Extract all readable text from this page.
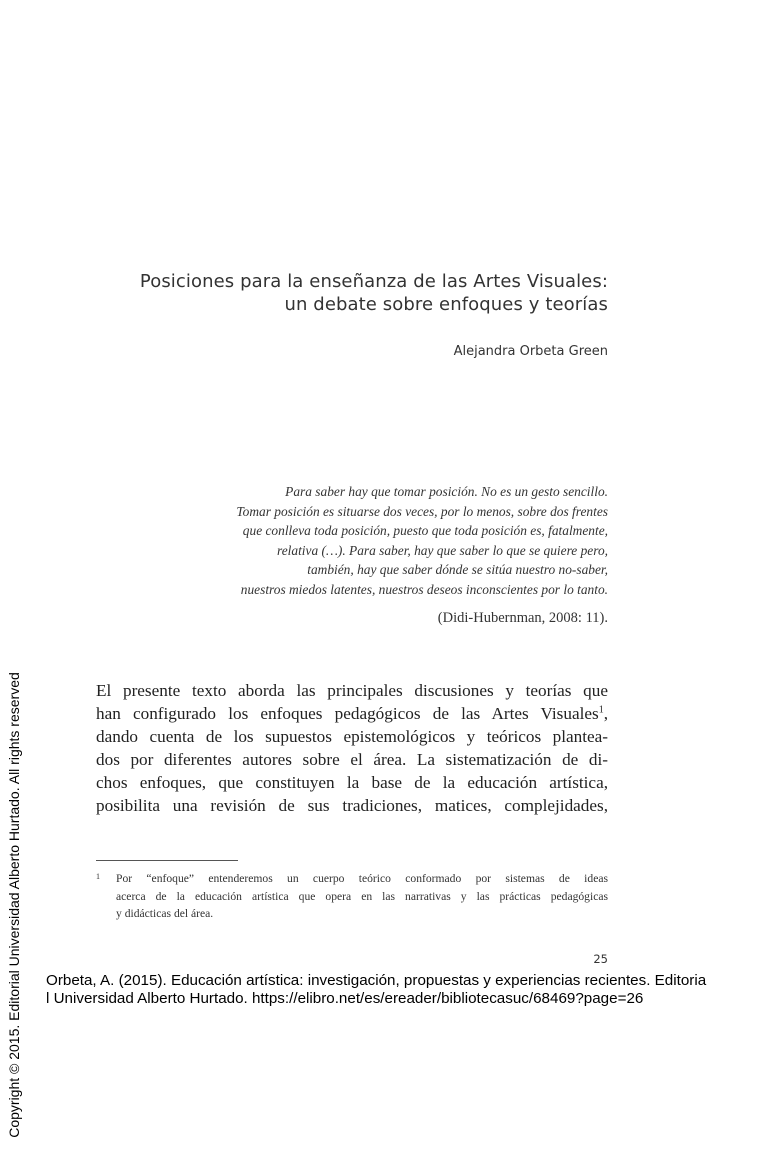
Posiciones para la enseñanza de las Artes Visuales:
un debate sobre enfoques y teorías
Alejandra Orbeta Green
Para saber hay que tomar posición. No es un gesto sencillo.
Tomar posición es situarse dos veces, por lo menos, sobre dos frentes
que conlleva toda posición, puesto que toda posición es, fatalmente,
relativa (…). Para saber, hay que saber lo que se quiere pero,
también, hay que saber dónde se sitúa nuestro no-saber,
nuestros miedos latentes, nuestros deseos inconscientes por lo tanto.
(Didi-Hubernman, 2008: 11).
El presente texto aborda las principales discusiones y teorías que
han configurado los enfoques pedagógicos de las Artes Visuales$^1$,
dando cuenta de los supuestos epistemológicos y teóricos plantea-
dos por diferentes autores sobre el área. La sistematización de di-
chos enfoques, que constituyen la base de la educación artística,
posibilita una revisión de sus tradiciones, matices, complejidades,
1 Por “enfoque” entenderemos un cuerpo teórico conformado por sistemas de ideas
acerca de la educación artística que opera en las narrativas y las prácticas pedagógicas
y didácticas del área.
25
Copyright © 2015. Editorial Universidad Alberto Hurtado. All rights reserved Orbeta, A. (2015). Educación artística: investigación, propuestas y experiencias recientes. Editoria
l Universidad Alberto Hurtado. https://elibro.net/es/ereader/bibliotecasuc/68469?page=26
